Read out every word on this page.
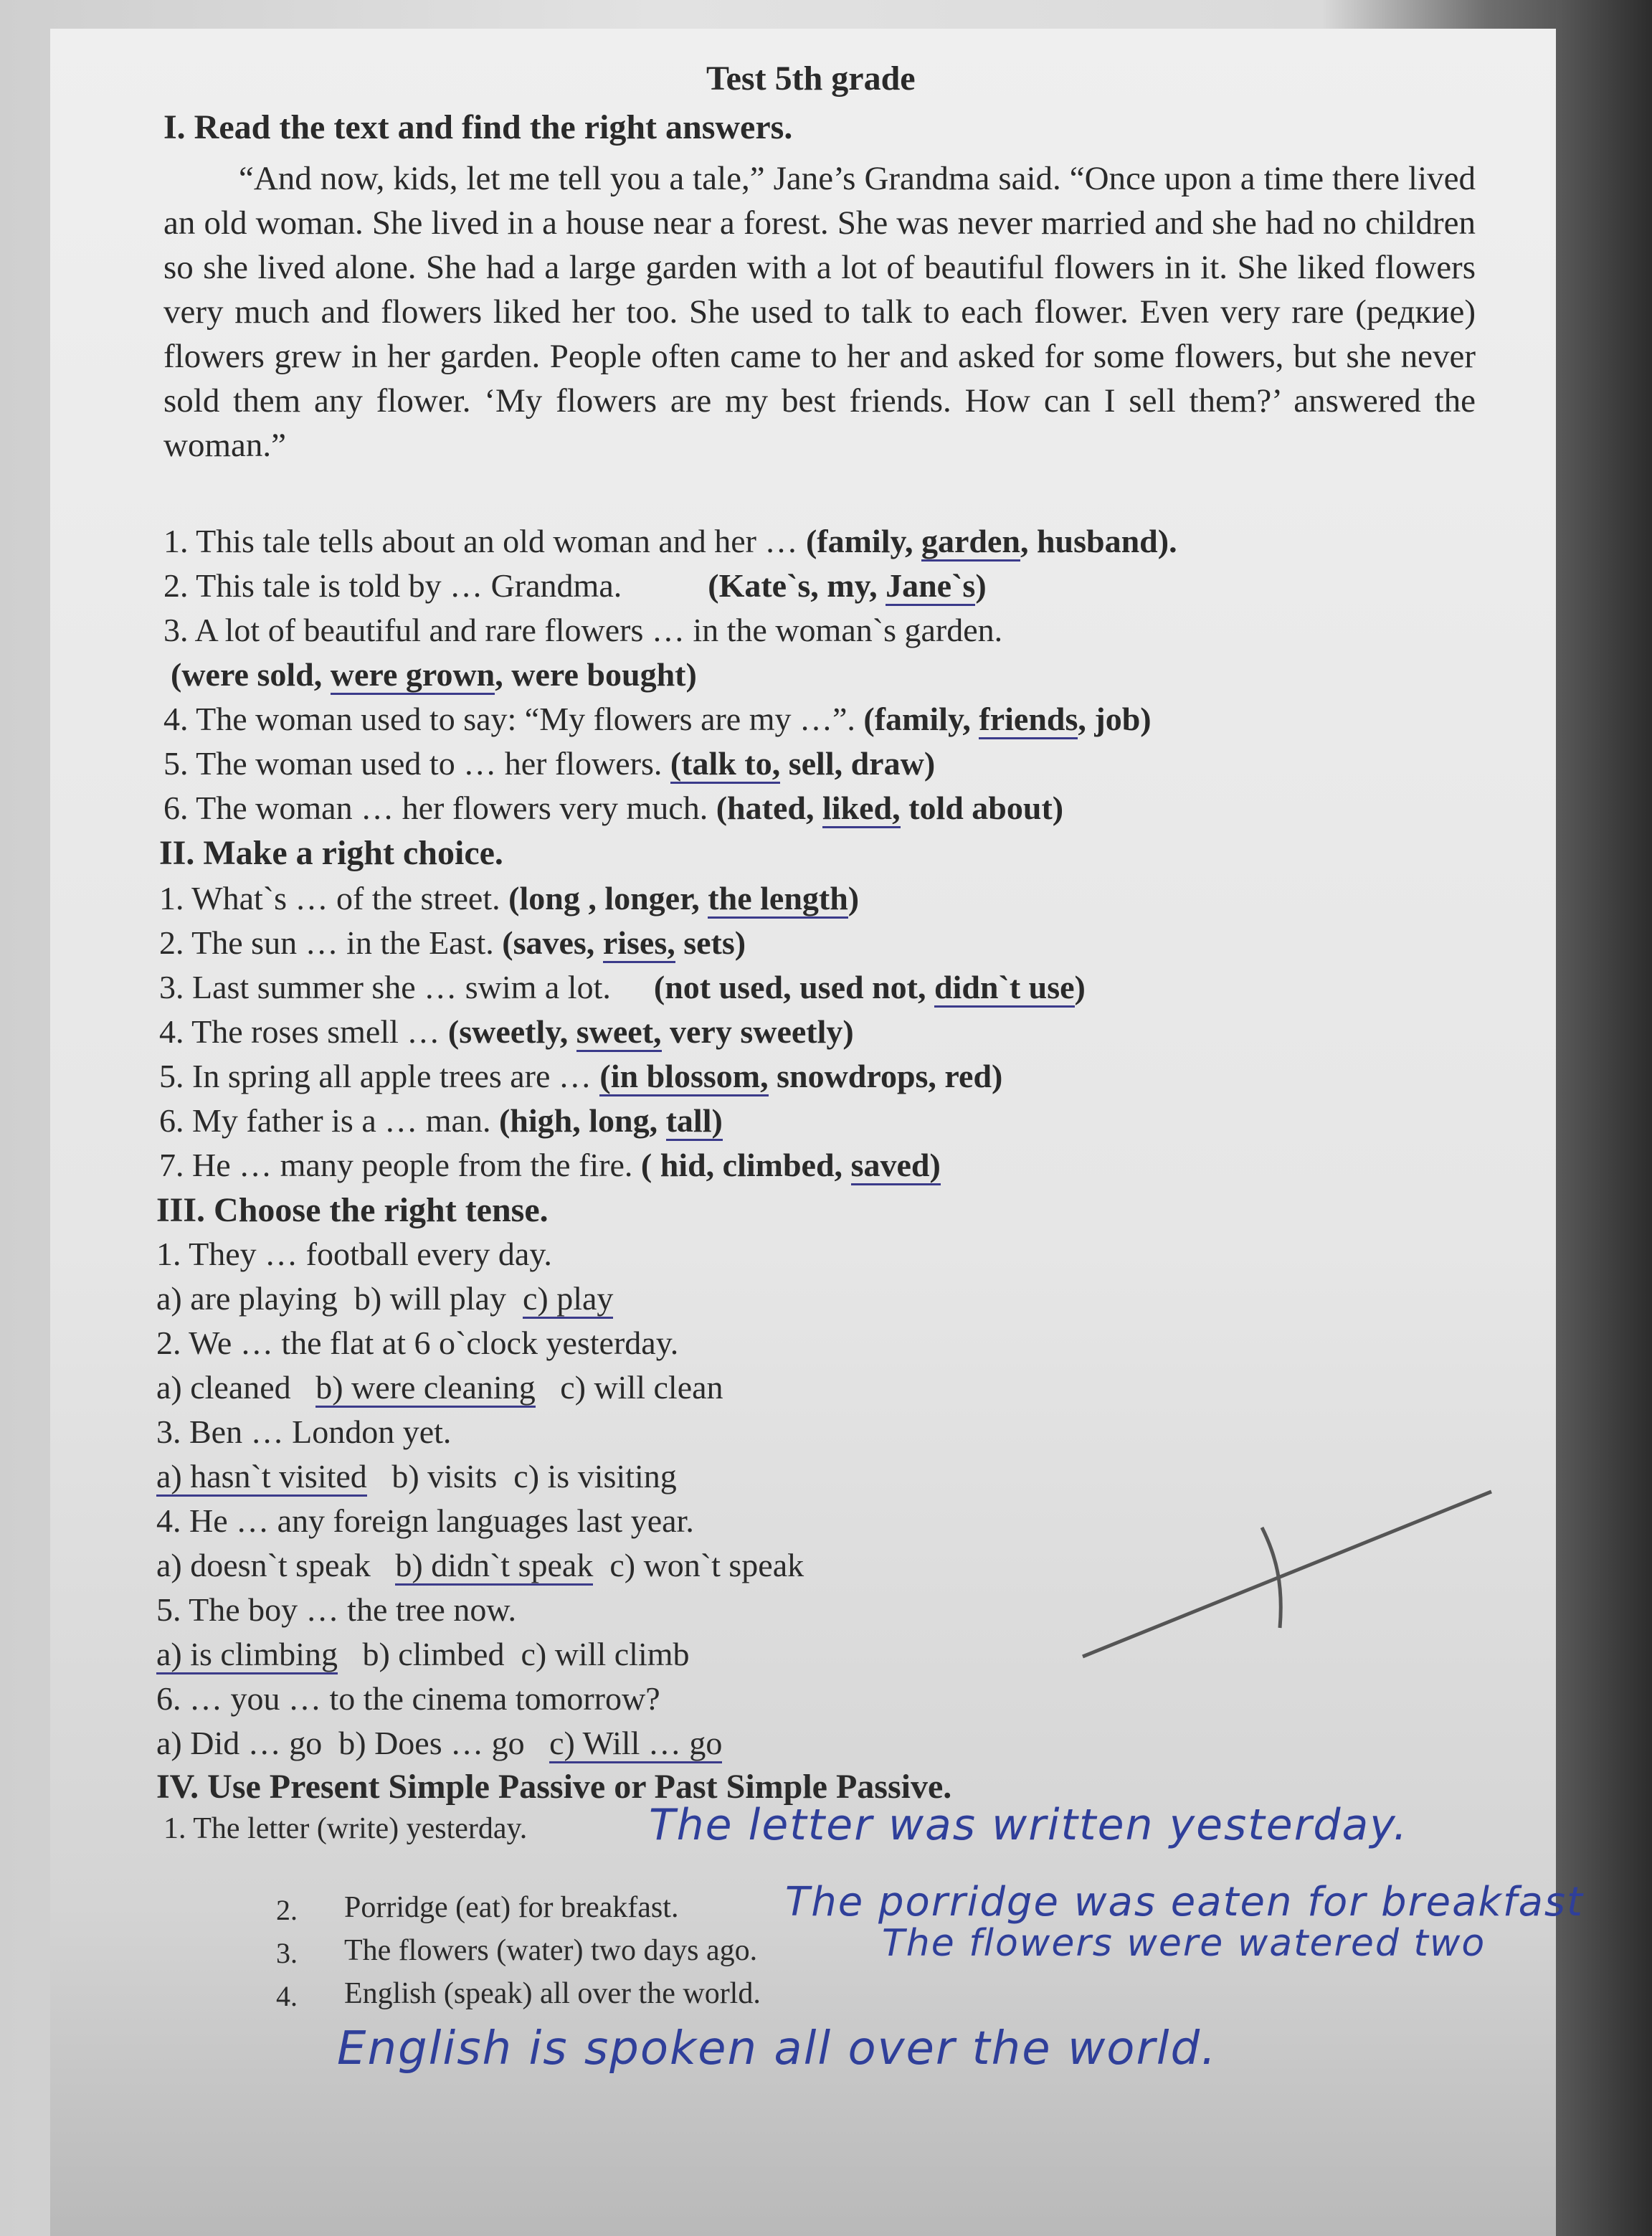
Test 5th grade
I. Read the text and find the right answers.
“And now, kids, let me tell you a tale,” Jane’s Grandma said. “Once upon a time there lived an old woman. She lived in a house near a forest. She was never married and she had no children so she lived alone. She had a large garden with a lot of beautiful flowers in it. She liked flowers very much and flowers liked her too. She used to talk to each flower. Even very rare (редкие) flowers grew in her garden. People often came to her and asked for some flowers, but she never sold them any flower. ‘My flowers are my best friends. How can I sell them?’ answered the woman.”
1. This tale tells about an old woman and her … (family, garden, husband).
2. This tale is told by … Grandma.	(Kate`s, my, Jane`s)
3. A lot of beautiful and rare flowers … in the woman`s garden.
(were sold, were grown, were bought)
4. The woman used to say: “My flowers are my …”. (family, friends, job)
5. The woman used to … her flowers. (talk to, sell, draw)
6. The woman … her flowers very much. (hated, liked, told about)
II. Make a right choice.
1. What`s … of the street. (long , longer, the length)
2. The sun … in the East. (saves, rises, sets)
3. Last summer she … swim a lot. (not used, used not, didn`t use)
4. The roses smell … (sweetly, sweet, very sweetly)
5. In spring all apple trees are … (in blossom, snowdrops, red)
6. My father is a … man. (high, long, tall)
7. He … many people from the fire. ( hid, climbed, saved)
III. Choose the right tense.
1. They … football every day.
a) are playing b) will play c) play
2. We … the flat at 6 o`clock yesterday.
a) cleaned b) were cleaning c) will clean
3. Ben … London yet.
a) hasn`t visited b) visits c) is visiting
4. He … any foreign languages last year.
a) doesn`t speak b) didn`t speak c) won`t speak
5. The boy … the tree now.
a) is climbing b) climbed c) will climb
6. … you … to the cinema tomorrow?
a) Did … go b) Does … go c) Will … go
IV. Use Present Simple Passive or Past Simple Passive.
1. The letter (write) yesterday.	The letter was written yesterday.
2. Porridge (eat) for breakfast.	The porridge was eaten for breakfast
3. The flowers (water) two days ago.	The flowers were watered two
4. English (speak) all over the world.
English is spoken all over the world.
